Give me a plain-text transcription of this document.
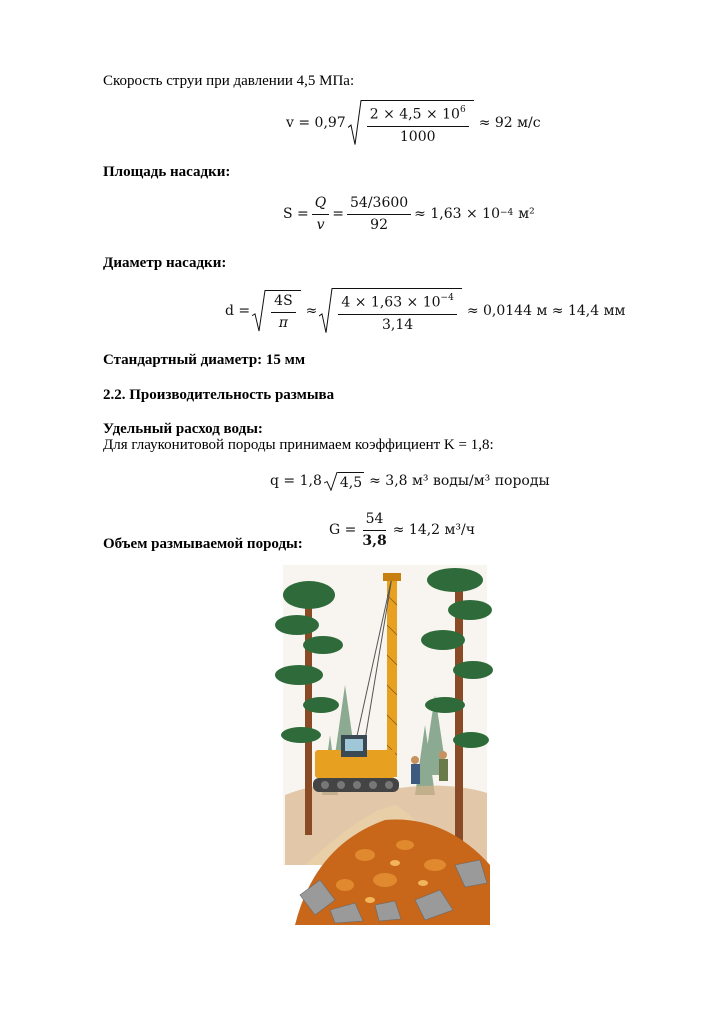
Скорость струи при давлении 4,5 МПа:
$v = 0,97 \frac{2 \times 4,5 \times 10^6}{1000} \approx 92$ м/с
Площадь насадки:
$S = \frac{Q}{v} = \frac{54/3600}{92} \approx 1,63 \times 10^{-4}$ м²
Диаметр насадки:
$d = \frac{4S}{\pi} \approx \frac{4 \times 1,63 \times 10^{-4}}{3,14} \approx 0,0144$ м ≈ 14,4 мм
Стандартный диаметр: 15 мм
2.2. Производительность размыва
Удельный расход воды:
Для глауконитовой породы принимаем коэффициент K = 1,8:
q = 1,8 4,5 ≈ 3,8 м³ воды/м³ породы
$G = \frac{54}{3,8} \approx 14,2$ м³/ч
Объем размываемой породы:
